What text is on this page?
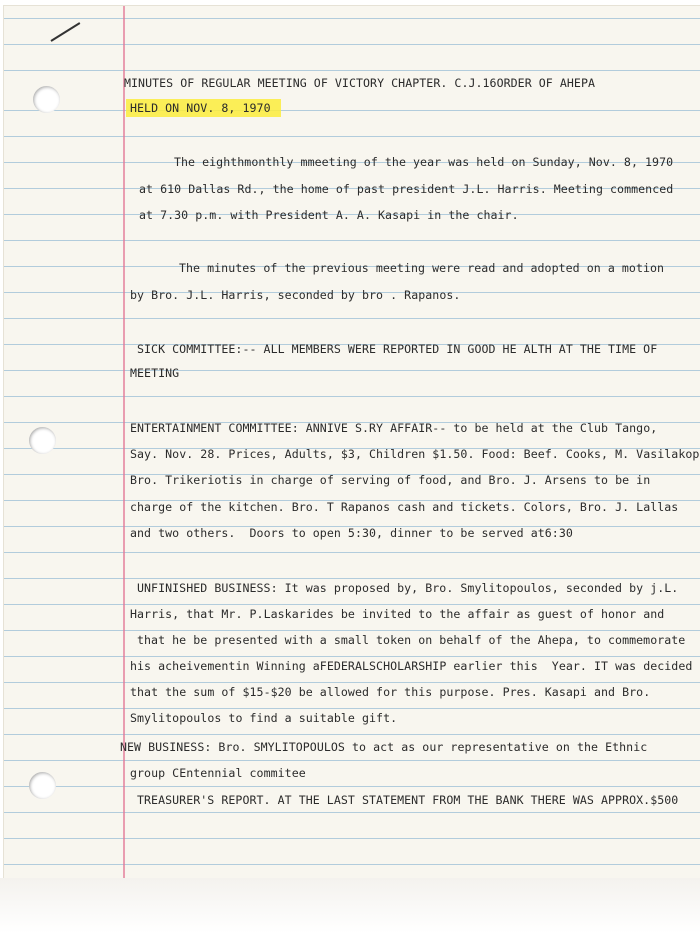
MINUTES OF REGULAR MEETING OF VICTORY CHAPTER. C.J.16ORDER OF AHEPA
HELD ON NOV. 8, 1970
The eighthmonthly mmeeting of the year was held on Sunday, Nov. 8, 1970
at 610 Dallas Rd., the home of past president J.L. Harris. Meeting commenced
at 7.30 p.m. with President A. A. Kasapi in the chair.
The minutes of the previous meeting were read and adopted on a motion
by Bro. J.L. Harris, seconded by bro . Rapanos.
SICK COMMITTEE:-- ALL MEMBERS WERE REPORTED IN GOOD HE ALTH AT THE TIME OF
MEETING
ENTERTAINMENT COMMITTEE: ANNIVE S.RY AFFAIR-- to be held at the Club Tango,
Say. Nov. 28. Prices, Adults, $3, Children $1.50. Food: Beef. Cooks, M. Vasilakop
Bro. Trikeriotis in charge of serving of food, and Bro. J. Arsens to be in
charge of the kitchen. Bro. T Rapanos cash and tickets. Colors, Bro. J. Lallas
and two others.  Doors to open 5:30, dinner to be served at6:30
UNFINISHED BUSINESS: It was proposed by, Bro. Smylitopoulos, seconded by j.L.
Harris, that Mr. P.Laskarides be invited to the affair as guest of honor and
that he be presented with a small token on behalf of the Ahepa, to commemorate
his acheivementin Winning aFEDERALSCHOLARSHIP earlier this  Year. IT was decided
that the sum of $15-$20 be allowed for this purpose. Pres. Kasapi and Bro.
Smylitopoulos to find a suitable gift.
NEW BUSINESS: Bro. SMYLITOPOULOS to act as our representative on the Ethnic
group CEntennial commitee
TREASURER'S REPORT. AT THE LAST STATEMENT FROM THE BANK THERE WAS APPROX.$500
